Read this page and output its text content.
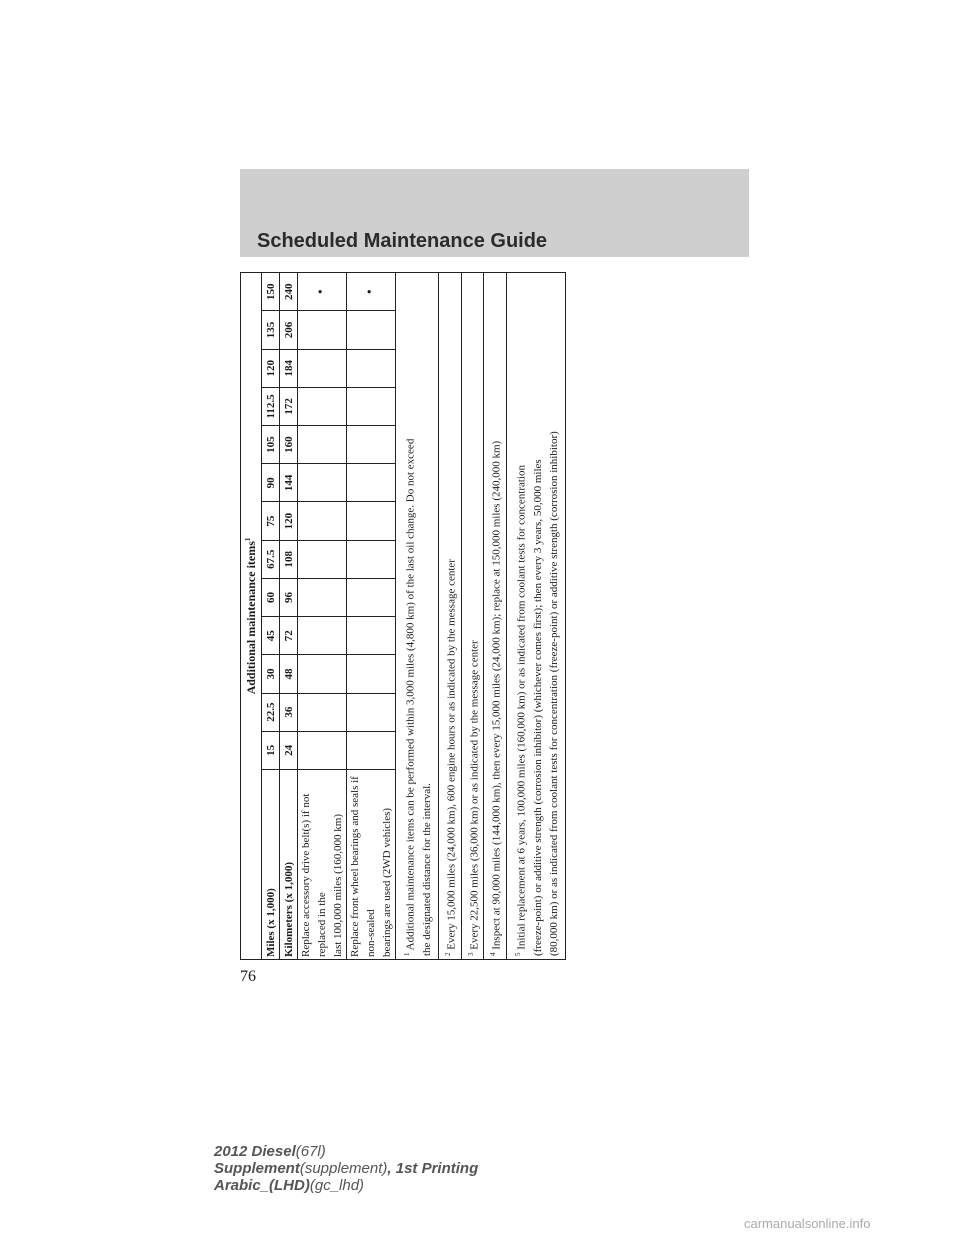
Scheduled Maintenance Guide
Additional maintenance items$^1$
Miles (x 1,000)	15	22.5	30	45	60	67.5	75	90	105	112.5	120	135	150
Kilometers (x 1,000)	24	36	48	72	96	108	120	144	160	172	184	206	240
Replace accessory drive belt(s) if not replaced in the last 100,000 miles (160,000 km)													•
Replace front wheel bearings and seals if non-sealed bearings are used (2WD vehicles)													•
$^1$ Additional maintenance items can be performed within 3,000 miles (4,800 km) of the last oil change. Do not exceed the designated distance for the interval.													
$^2$ Every 15,000 miles (24,000 km), 600 engine hours or as indicated by the message center													
$^3$ Every 22,500 miles (36,000 km) or as indicated by the message center													
$^4$ Inspect at 90,000 miles (144,000 km), then every 15,000 miles (24,000 km); replace at 150,000 miles (240,000 km)													
$^5$ Initial replacement at 6 years, 100,000 miles (160,000 km) or as indicated from coolant tests for concentration (freeze-point) or additive strength (corrosion inhibitor) (whichever comes first); then every 3 years, 50,000 miles (80,000 km) or as indicated from coolant tests for concentration (freeze-point) or additive strength (corrosion inhibitor)													
76
2012 Diesel(67l)
Supplement(supplement), 1st Printing
Arabic_(LHD)(gc_lhd)
carmanualsonline.info
